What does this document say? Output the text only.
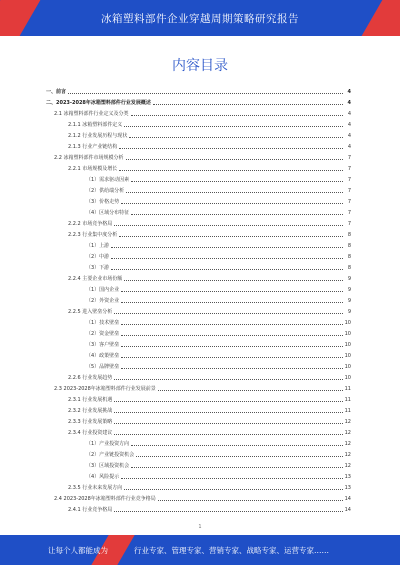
冰箱塑料部件企业穿越周期策略研究报告
内容目录
一、前言	4
二、2023-2028年冰箱塑料部件行业发展概述	4
2.1 冰箱塑料部件行业定义及分类	4
2.1.1 冰箱塑料部件定义	4
2.1.2 行业发展历程与现状	4
2.1.3 行业产业链结构	4
2.2 冰箱塑料部件市场规模分析	7
2.2.1 市场规模及增长	7
（1）需求驱动因素	7
（2）供给端分析	7
（3）价格走势	7
（4）区域分布特征	7
2.2.2 市场竞争格局	7
2.2.3 行业集中度分析	8
（1）上游	8
（2）中游	8
（3）下游	8
2.2.4 主要企业市场份额	9
（1）国内企业	9
（2）外资企业	9
2.2.5 进入壁垒分析	9
（1）技术壁垒	10
（2）资金壁垒	10
（3）客户壁垒	10
（4）政策壁垒	10
（5）品牌壁垒	10
2.2.6 行业发展趋势	10
2.3 2023-2028年冰箱塑料部件行业发展前景	11
2.3.1 行业发展机遇	11
2.3.2 行业发展挑战	11
2.3.3 行业发展策略	12
2.3.4 行业投资建议	12
（1）产业投资方向	12
（2）产业链投资机会	12
（3）区域投资机会	12
（4）风险提示	13
2.3.5 行业未来发展方向	13
2.4 2023-2028年冰箱塑料部件行业竞争格局	14
2.4.1 行业竞争格局	14
1
让每个人都能成为	行业专家、管理专家、营销专家、战略专家、运营专家……
